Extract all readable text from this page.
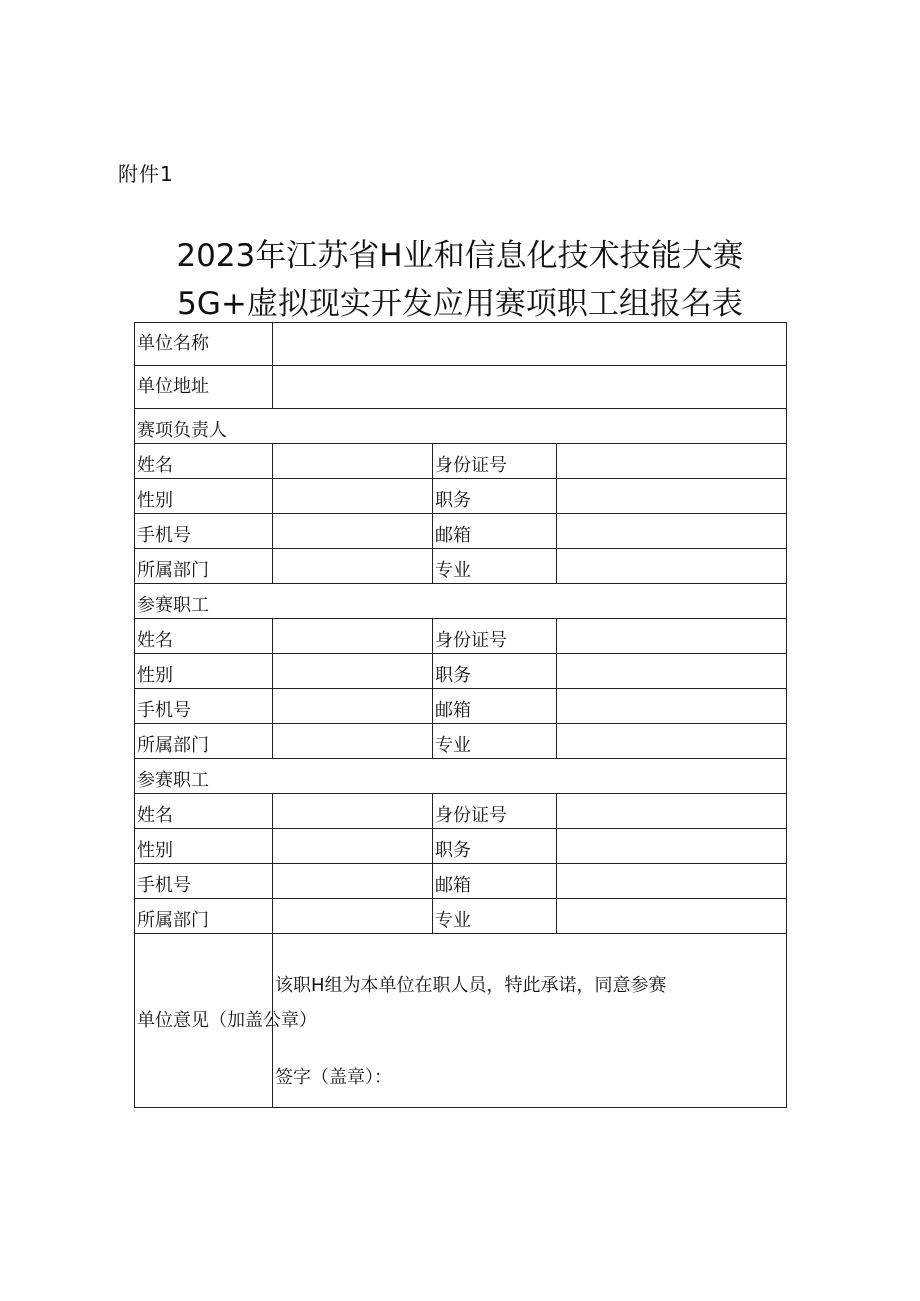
附件1
2023年江苏省H业和信息化技术技能大赛
5G+虚拟现实开发应用赛项职工组报名表
单位名称			
单位地址			
赛项负责人			
姓名		身份证号	
性别		职务	
手机号		邮箱	
所属部门		专业	
参赛职工			
姓名		身份证号	
性别		职务	
手机号		邮箱	
所属部门		专业	
参赛职工			
姓名		身份证号	
性别		职务	
手机号		邮箱	
所属部门		专业	
单位意见（加盖公章）	该职H组为本单位在职人员，特此承诺，同意参赛
签字（盖章）：		
